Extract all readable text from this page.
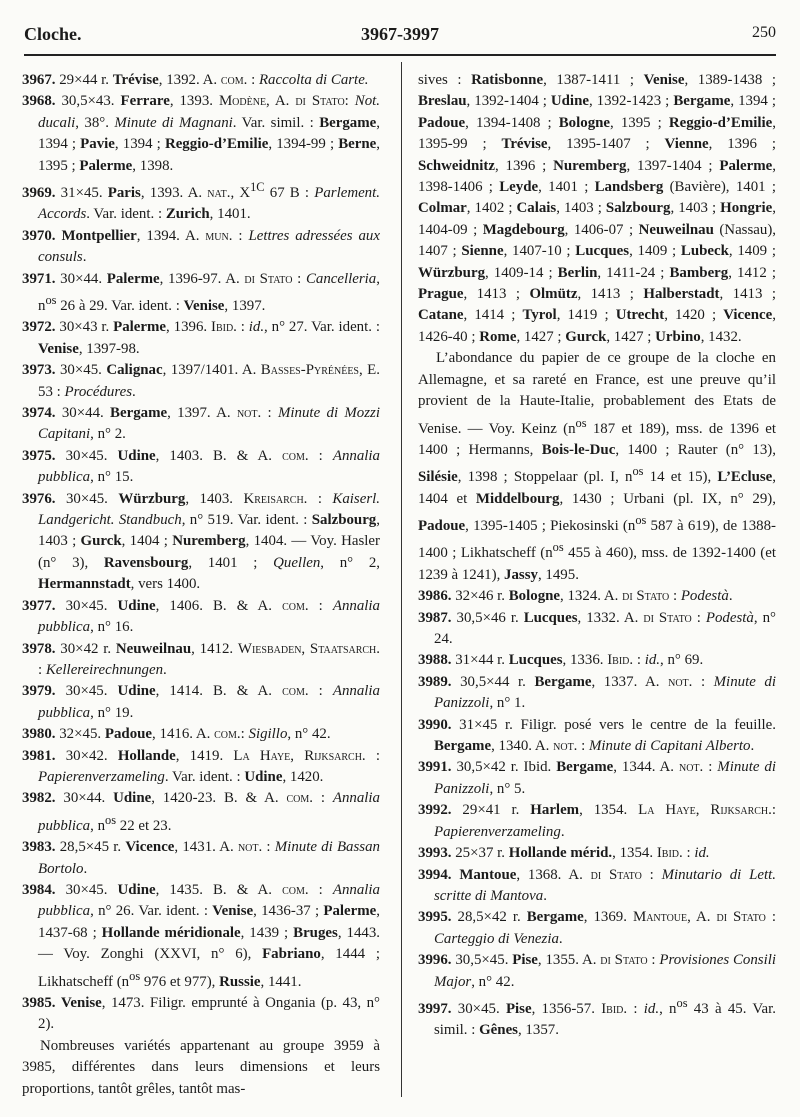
Cloche.	3967-3997	250

3967. 29×44 r. Trévise, 1392. A. com. : Raccolta di Carte.

3968. 30,5×43. Ferrare, 1393. Modène, A. di Stato: Not. ducali, 38°. Minute di Magnani. Var. simil. : Bergame, 1394 ; Pavie, 1394 ; Reggio-d’Emilie, 1394-99 ; Berne, 1395 ; Palerme, 1398.

3969. 31×45. Paris, 1393. A. nat., $X^{1C}$ 67 B : Parlement. Accords. Var. ident. : Zurich, 1401.

3970. Montpellier, 1394. A. mun. : Lettres adressées aux consuls.

3971. 30×44. Palerme, 1396-97. A. di Stato : Cancelleria, $n^{os}$ 26 à 29. Var. ident. : Venise, 1397.

3972. 30×43 r. Palerme, 1396. Ibid. : id., n° 27. Var. ident. : Venise, 1397-98.

3973. 30×45. Calignac, 1397/1401. A. Basses-Pyrénées, E. 53 : Procédures.

3974. 30×44. Bergame, 1397. A. not. : Minute di Mozzi Capitani, n° 2.

3975. 30×45. Udine, 1403. B. & A. com. : Annalia pubblica, n° 15.

3976. 30×45. Würzburg, 1403. Kreisarch. : Kaiserl. Landgericht. Standbuch, n° 519. Var. ident. : Salzbourg, 1403 ; Gurck, 1404 ; Nuremberg, 1404. — Voy. Hasler (n° 3), Ravensbourg, 1401 ; Quellen, n° 2, Hermannstadt, vers 1400.

3977. 30×45. Udine, 1406. B. & A. com. : Annalia pubblica, n° 16.

3978. 30×42 r. Neuweilnau, 1412. Wiesbaden, Staatsarch. : Kellereirechnungen.

3979. 30×45. Udine, 1414. B. & A. com. : Annalia pubblica, n° 19.

3980. 32×45. Padoue, 1416. A. com.: Sigillo, n° 42.

3981. 30×42. Hollande, 1419. La Haye, Rijksarch. : Papierenverzameling. Var. ident. : Udine, 1420.

3982. 30×44. Udine, 1420-23. B. & A. com. : Annalia pubblica, $n^{os}$ 22 et 23.

3983. 28,5×45 r. Vicence, 1431. A. not. : Minute di Bassan Bortolo.

3984. 30×45. Udine, 1435. B. & A. com. : Annalia pubblica, n° 26. Var. ident. : Venise, 1436-37 ; Palerme, 1437-68 ; Hollande méridionale, 1439 ; Bruges, 1443. — Voy. Zonghi (XXVI, n° 6), Fabriano, 1444 ; Likhatscheff ($n^{os}$ 976 et 977), Russie, 1441.

3985. Venise, 1473. Filigr. emprunté à Ongania (p. 43, n° 2).

Nombreuses variétés appartenant au groupe 3959 à 3985, différentes dans leurs dimensions et leurs proportions, tantôt grêles, tantôt mas-

sives : Ratisbonne, 1387-1411 ; Venise, 1389-1438 ; Breslau, 1392-1404 ; Udine, 1392-1423 ; Bergame, 1394 ; Padoue, 1394-1408 ; Bologne, 1395 ; Reggio-d’Emilie, 1395-99 ; Trévise, 1395-1407 ; Vienne, 1396 ; Schweidnitz, 1396 ; Nuremberg, 1397-1404 ; Palerme, 1398-1406 ; Leyde, 1401 ; Landsberg (Bavière), 1401 ; Colmar, 1402 ; Calais, 1403 ; Salzbourg, 1403 ; Hongrie, 1404-09 ; Magdebourg, 1406-07 ; Neuweilnau (Nassau), 1407 ; Sienne, 1407-10 ; Lucques, 1409 ; Lubeck, 1409 ; Würzburg, 1409-14 ; Berlin, 1411-24 ; Bamberg, 1412 ; Prague, 1413 ; Olmütz, 1413 ; Halberstadt, 1413 ; Catane, 1414 ; Tyrol, 1419 ; Utrecht, 1420 ; Vicence, 1426-40 ; Rome, 1427 ; Gurck, 1427 ; Urbino, 1432.

L’abondance du papier de ce groupe de la cloche en Allemagne, et sa rareté en France, est une preuve qu’il provient de la Haute-Italie, probablement des Etats de Venise. — Voy. Keinz ($n^{os}$ 187 et 189), mss. de 1396 et 1400 ; Hermanns, Bois-le-Duc, 1400 ; Rauter (n° 13), Silésie, 1398 ; Stoppelaar (pl. I, $n^{os}$ 14 et 15), L’Ecluse, 1404 et Middelbourg, 1430 ; Urbani (pl. IX, n° 29), Padoue, 1395-1405 ; Piekosinski ($n^{os}$ 587 à 619), de 1388-1400 ; Likhatscheff ($n^{os}$ 455 à 460), mss. de 1392-1400 (et 1239 à 1241), Jassy, 1495.

3986. 32×46 r. Bologne, 1324. A. di Stato : Podestà.

3987. 30,5×46 r. Lucques, 1332. A. di Stato : Podestà, n° 24.

3988. 31×44 r. Lucques, 1336. Ibid. : id., n° 69.

3989. 30,5×44 r. Bergame, 1337. A. not. : Minute di Panizzoli, n° 1.

3990. 31×45 r. Filigr. posé vers le centre de la feuille. Bergame, 1340. A. not. : Minute di Capitani Alberto.

3991. 30,5×42 r. Ibid. Bergame, 1344. A. not. : Minute di Panizzoli, n° 5.

3992. 29×41 r. Harlem, 1354. La Haye, Rijksarch.: Papierenverzameling.

3993. 25×37 r. Hollande mérid., 1354. Ibid. : id.

3994. Mantoue, 1368. A. di Stato : Minutario di Lett. scritte di Mantova.

3995. 28,5×42 r. Bergame, 1369. Mantoue, A. di Stato : Carteggio di Venezia.

3996. 30,5×45. Pise, 1355. A. di Stato : Provisiones Consili Major, n° 42.

3997. 30×45. Pise, 1356-57. Ibid. : id., $n^{os}$ 43 à 45. Var. simil. : Gênes, 1357.
